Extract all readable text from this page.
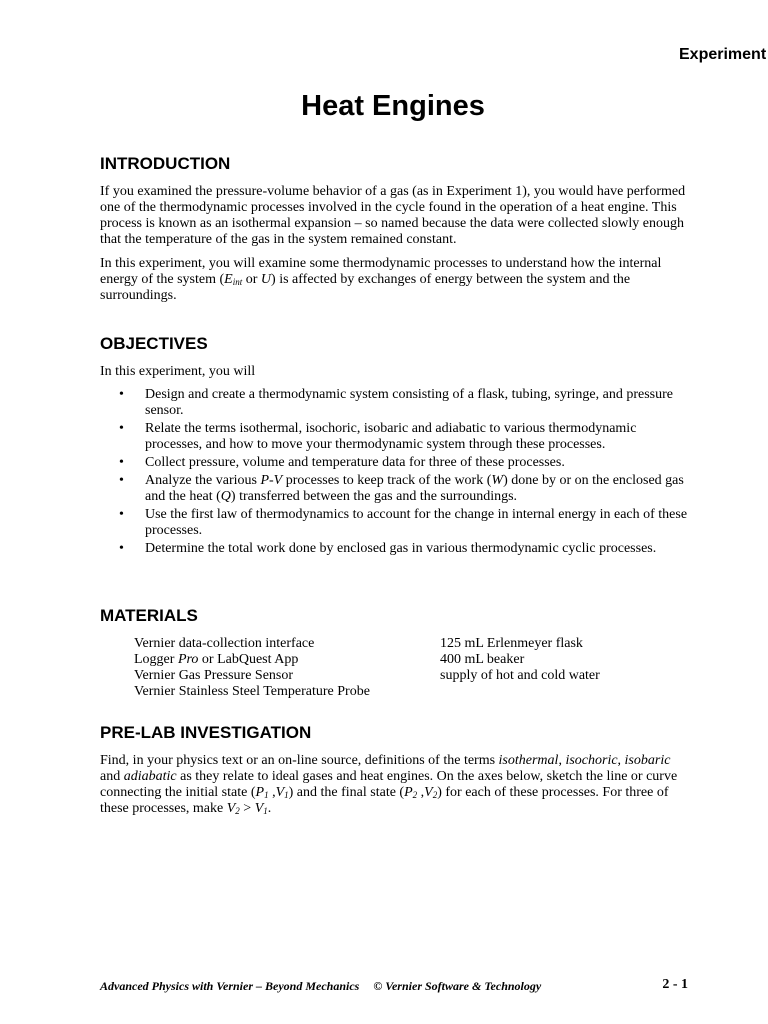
Experiment
Heat Engines
INTRODUCTION

If you examined the pressure-volume behavior of a gas (as in Experiment 1), you would have performed one of the thermodynamic processes involved in the cycle found in the operation of a heat engine. This process is known as an isothermal expansion – so named because the data were collected slowly enough that the temperature of the gas in the system remained constant.

In this experiment, you will examine some thermodynamic processes to understand how the internal energy of the system ($E_{int}$ or U) is affected by exchanges of energy between the system and the surroundings.

OBJECTIVES

In this experiment, you will

• Design and create a thermodynamic system consisting of a flask, tubing, syringe, and pressure sensor.
• Relate the terms isothermal, isochoric, isobaric and adiabatic to various thermodynamic processes, and how to move your thermodynamic system through these processes.
• Collect pressure, volume and temperature data for three of these processes.
• Analyze the various P-V processes to keep track of the work (W) done by or on the enclosed gas and the heat (Q) transferred between the gas and the surroundings.
• Use the first law of thermodynamics to account for the change in internal energy in each of these processes.
• Determine the total work done by enclosed gas in various thermodynamic cyclic processes.
MATERIALS
Vernier data-collection interface
Logger Pro or LabQuest App
Vernier Gas Pressure Sensor
Vernier Stainless Steel Temperature Probe
125 mL Erlenmeyer flask
400 mL beaker
supply of hot and cold water
PRE-LAB INVESTIGATION

Find, in your physics text or an on-line source, definitions of the terms isothermal, isochoric, isobaric and adiabatic as they relate to ideal gases and heat engines. On the axes below, sketch the line or curve connecting the initial state ($P_1$ $,V_1$) and the final state ($P_2$ $,V_2$) for each of these processes. For three of these processes, make $V_2 > V_1$.

Advanced Physics with Vernier – Beyond Mechanics © Vernier Software & Technology	2 - 1
